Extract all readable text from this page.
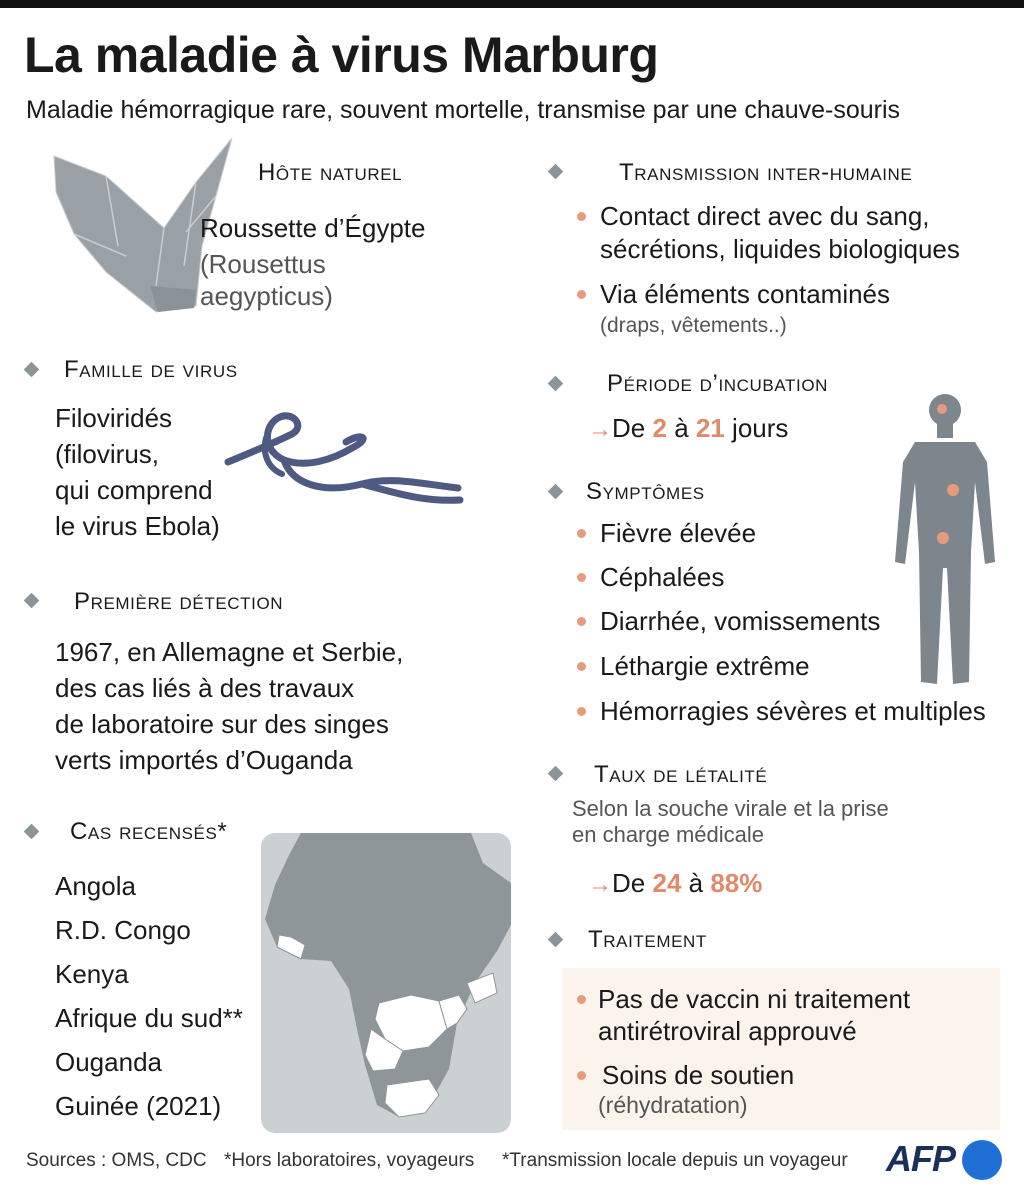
La maladie à virus Marburg
Maladie hémorragique rare, souvent mortelle, transmise par une chauve-souris
Hôte naturel
Roussette d’Égypte
(Rousettus
aegypticus)
Famille de virus
Filoviridés
(filovirus,
qui comprend
le virus Ebola)
Première détection
1967, en Allemagne et Serbie,
des cas liés à des travaux
de laboratoire sur des singes
verts importés d’Ouganda
Cas recensés*
Angola
R.D. Congo
Kenya
Afrique du sud**
Ouganda
Guinée (2021)
Transmission inter-humaine
Contact direct avec du sang,
sécrétions, liquides biologiques
Via éléments contaminés
(draps, vêtements..)
Période d’incubation
→De 2 à 21 jours
Symptômes
Fièvre élevée
Céphalées
Diarrhée, vomissements
Léthargie extrême
Hémorragies sévères et multiples
Taux de létalité
Selon la souche virale et la prise
en charge médicale
→De 24 à 88%
Traitement
Pas de vaccin ni traitement
antirétroviral approuvé
Soins de soutien
(réhydratation)
Sources : OMS, CDC *Hors laboratoires, voyageurs *Transmission locale depuis un voyageur AFP
